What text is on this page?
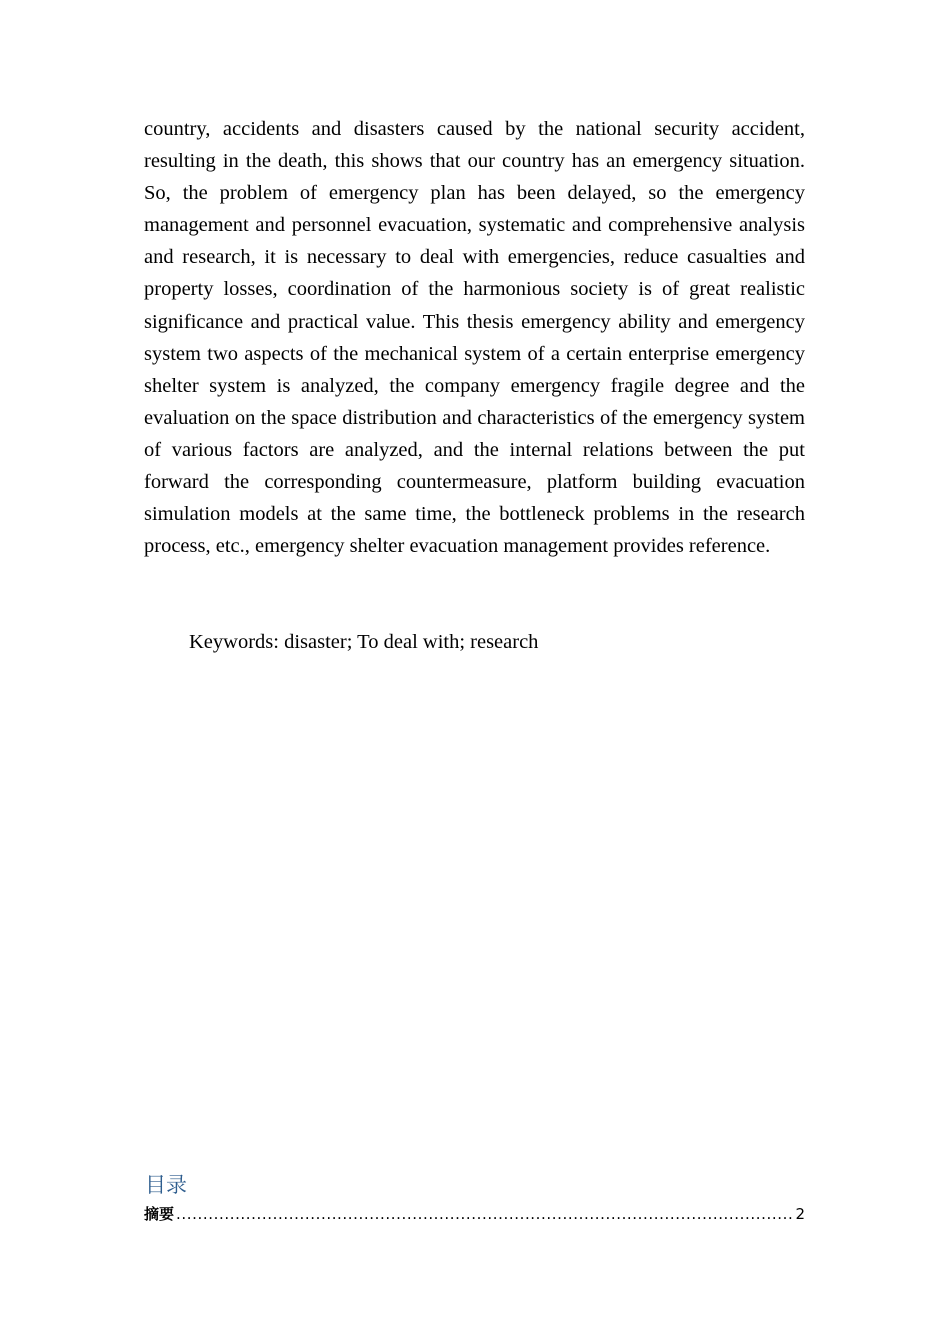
country, accidents and disasters caused by the national security accident, resulting in the death, this shows that our country has an emergency situation. So, the problem of emergency plan has been delayed, so the emergency management and personnel evacuation, systematic and comprehensive analysis and research, it is necessary to deal with emergencies, reduce casualties and property losses, coordination of the harmonious society is of great realistic significance and practical value. This thesis emergency ability and emergency system two aspects of the mechanical system of a certain enterprise emergency shelter system is analyzed, the company emergency fragile degree and the evaluation on the space distribution and characteristics of the emergency system of various factors are analyzed, and the internal relations between the put forward the corresponding countermeasure, platform building evacuation simulation models at the same time, the bottleneck problems in the research process, etc., emergency shelter evacuation management provides reference.

Keywords: disaster; To deal with; research

目录
摘要
.....	2
